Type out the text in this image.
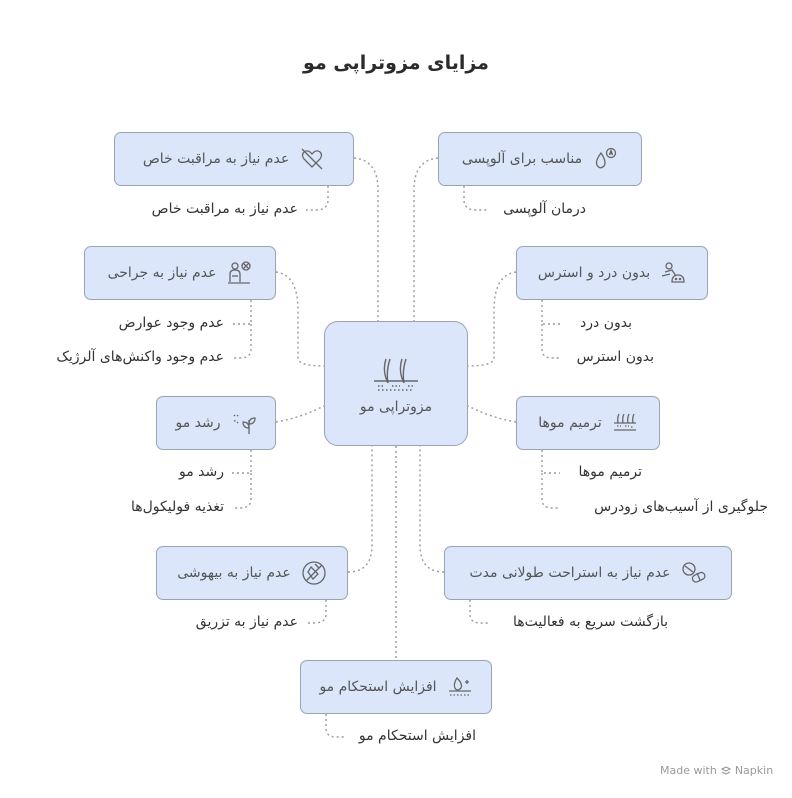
مزایای مزوتراپی مو
مزوتراپی مو
عدم نیاز به مراقبت خاص	مناسب برای آلوپسی
عدم نیاز به جراحی	بدون درد و استرس
رشد مو	ترمیم موها
عدم نیاز به بیهوشی	عدم نیاز به استراحت طولانی مدت
افزایش استحکام مو
عدم نیاز به مراقبت خاص	درمان آلوپسی
عدم وجود عوارض
عدم وجود واکنش‌های آلرژیک
بدون درد
بدون استرس
رشد مو
تغذیه فولیکول‌ها
ترمیم موها
جلوگیری از آسیب‌های زودرس
عدم نیاز به تزریق	بازگشت سریع به فعالیت‌ها
افزایش استحکام مو
Made with Napkin
